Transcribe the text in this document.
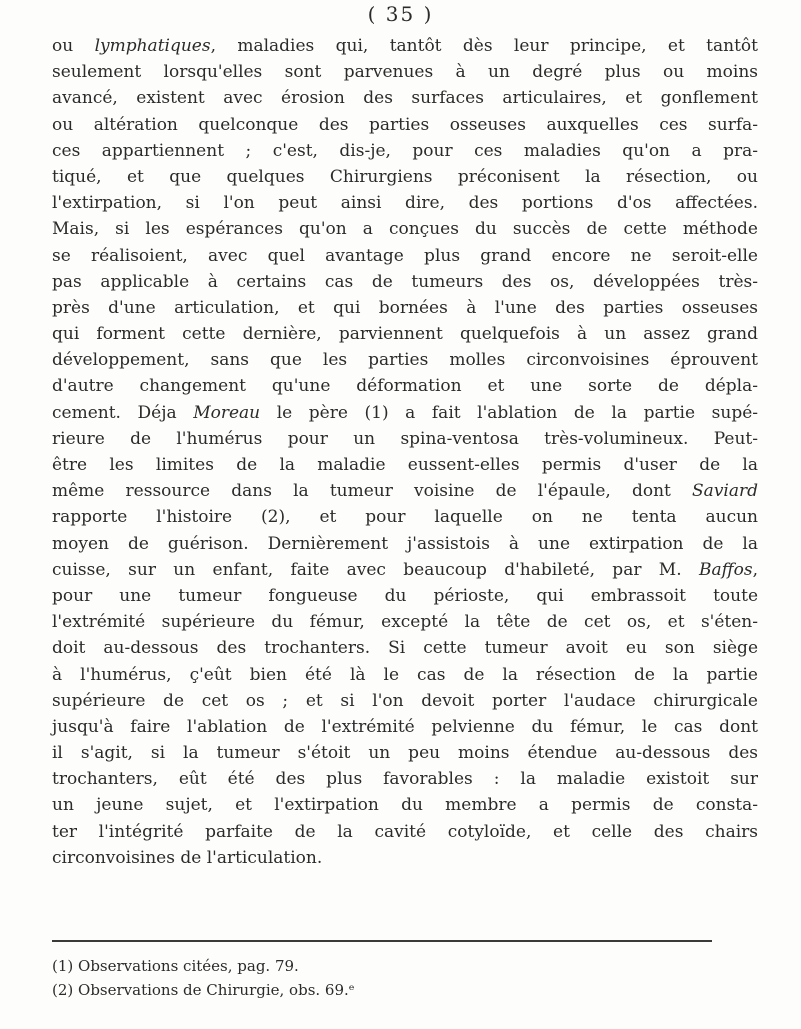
( 35 )
ou lymphatiques, maladies qui, tantôt dès leur principe, et tantôt
seulement lorsqu'elles sont parvenues à un degré plus ou moins
avancé, existent avec érosion des surfaces articulaires, et gonflement
ou altération quelconque des parties osseuses auxquelles ces surfa-
ces appartiennent ; c'est, dis-je, pour ces maladies qu'on a pra-
tiqué, et que quelques Chirurgiens préconisent la résection, ou
l'extirpation, si l'on peut ainsi dire, des portions d'os affectées.
Mais, si les espérances qu'on a conçues du succès de cette méthode
se réalisoient, avec quel avantage plus grand encore ne seroit-elle
pas applicable à certains cas de tumeurs des os, développées très-
près d'une articulation, et qui bornées à l'une des parties osseuses
qui forment cette dernière, parviennent quelquefois à un assez grand
développement, sans que les parties molles circonvoisines éprouvent
d'autre changement qu'une déformation et une sorte de dépla-
cement. Déja Moreau le père (1) a fait l'ablation de la partie supé-
rieure de l'humérus pour un spina-ventosa très-volumineux. Peut-
être les limites de la maladie eussent-elles permis d'user de la
même ressource dans la tumeur voisine de l'épaule, dont Saviard
rapporte l'histoire (2), et pour laquelle on ne tenta aucun
moyen de guérison. Dernièrement j'assistois à une extirpation de la
cuisse, sur un enfant, faite avec beaucoup d'habileté, par M. Baffos,
pour une tumeur fongueuse du périoste, qui embrassoit toute
l'extrémité supérieure du fémur, excepté la tête de cet os, et s'éten-
doit au-dessous des trochanters. Si cette tumeur avoit eu son siège
à l'humérus, ç'eût bien été là le cas de la résection de la partie
supérieure de cet os ; et si l'on devoit porter l'audace chirurgicale
jusqu'à faire l'ablation de l'extrémité pelvienne du fémur, le cas dont
il s'agit, si la tumeur s'étoit un peu moins étendue au-dessous des
trochanters, eût été des plus favorables : la maladie existoit sur
un jeune sujet, et l'extirpation du membre a permis de consta-
ter l'intégrité parfaite de la cavité cotyloïde, et celle des chairs
circonvoisines de l'articulation.
(1) Observations citées, pag. 79.
(2) Observations de Chirurgie, obs. 69.ᵉ
